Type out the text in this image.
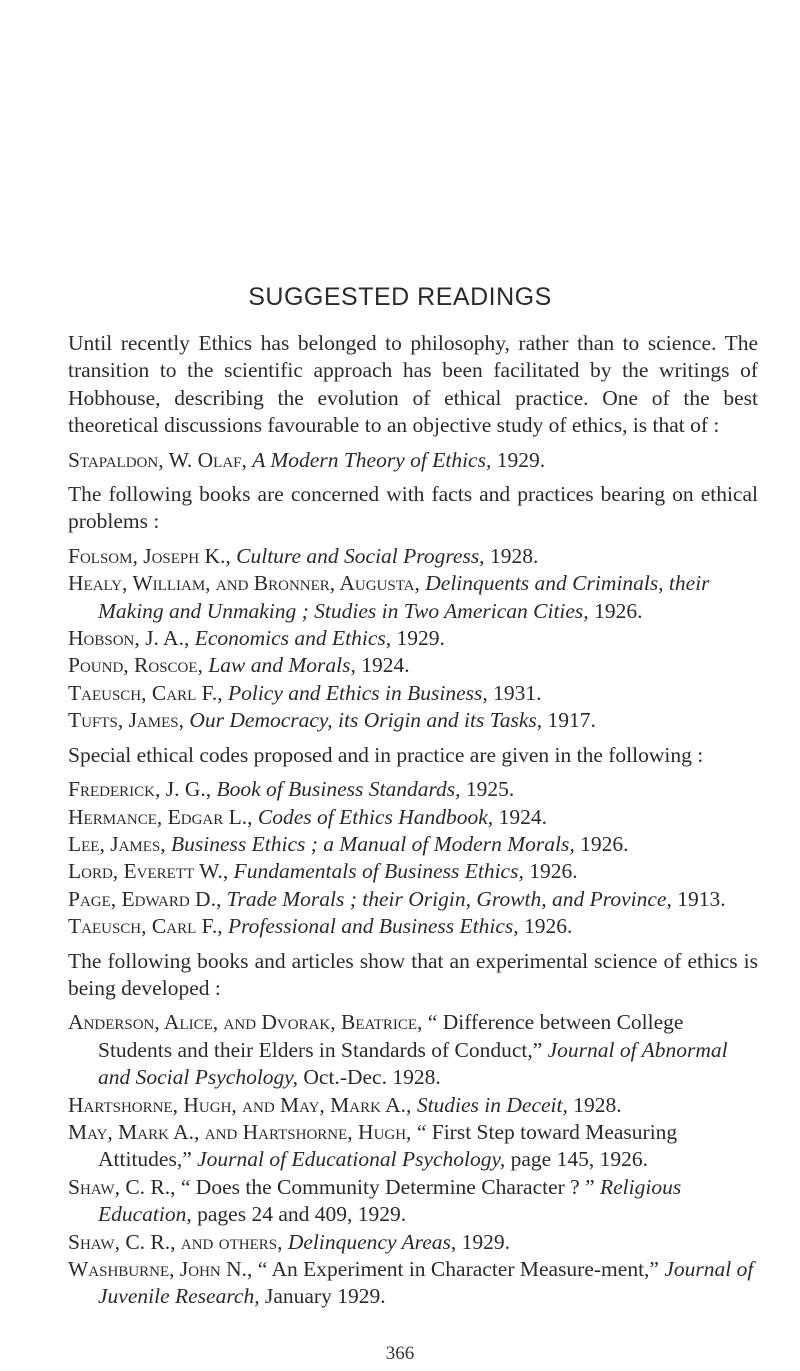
SUGGESTED READINGS

Until recently Ethics has belonged to philosophy, rather than to science. The transition to the scientific approach has been facilitated by the writings of Hobhouse, describing the evolution of ethical practice. One of the best theoretical discussions favourable to an objective study of ethics, is that of :

Stapaldon, W. Olaf, A Modern Theory of Ethics, 1929.

The following books are concerned with facts and practices bearing on ethical problems :

Folsom, Joseph K., Culture and Social Progress, 1928.

Healy, William, and Bronner, Augusta, Delinquents and Criminals, their Making and Unmaking ; Studies in Two American Cities, 1926.

Hobson, J. A., Economics and Ethics, 1929.

Pound, Roscoe, Law and Morals, 1924.

Taeusch, Carl F., Policy and Ethics in Business, 1931.

Tufts, James, Our Democracy, its Origin and its Tasks, 1917.

Special ethical codes proposed and in practice are given in the following :

Frederick, J. G., Book of Business Standards, 1925.

Hermance, Edgar L., Codes of Ethics Handbook, 1924.

Lee, James, Business Ethics ; a Manual of Modern Morals, 1926.

Lord, Everett W., Fundamentals of Business Ethics, 1926.

Page, Edward D., Trade Morals ; their Origin, Growth, and Province, 1913.

Taeusch, Carl F., Professional and Business Ethics, 1926.

The following books and articles show that an experimental science of ethics is being developed :

Anderson, Alice, and Dvorak, Beatrice, “ Difference between College Students and their Elders in Standards of Conduct,” Journal of Abnormal and Social Psychology, Oct.-Dec. 1928.

Hartshorne, Hugh, and May, Mark A., Studies in Deceit, 1928.

May, Mark A., and Hartshorne, Hugh, “ First Step toward Measuring Attitudes,” Journal of Educational Psychology, page 145, 1926.

Shaw, C. R., “ Does the Community Determine Character ? ” Religious Education, pages 24 and 409, 1929.

Shaw, C. R., and others, Delinquency Areas, 1929.

Washburne, John N., “ An Experiment in Character Measure-ment,” Journal of Juvenile Research, January 1929.

366
